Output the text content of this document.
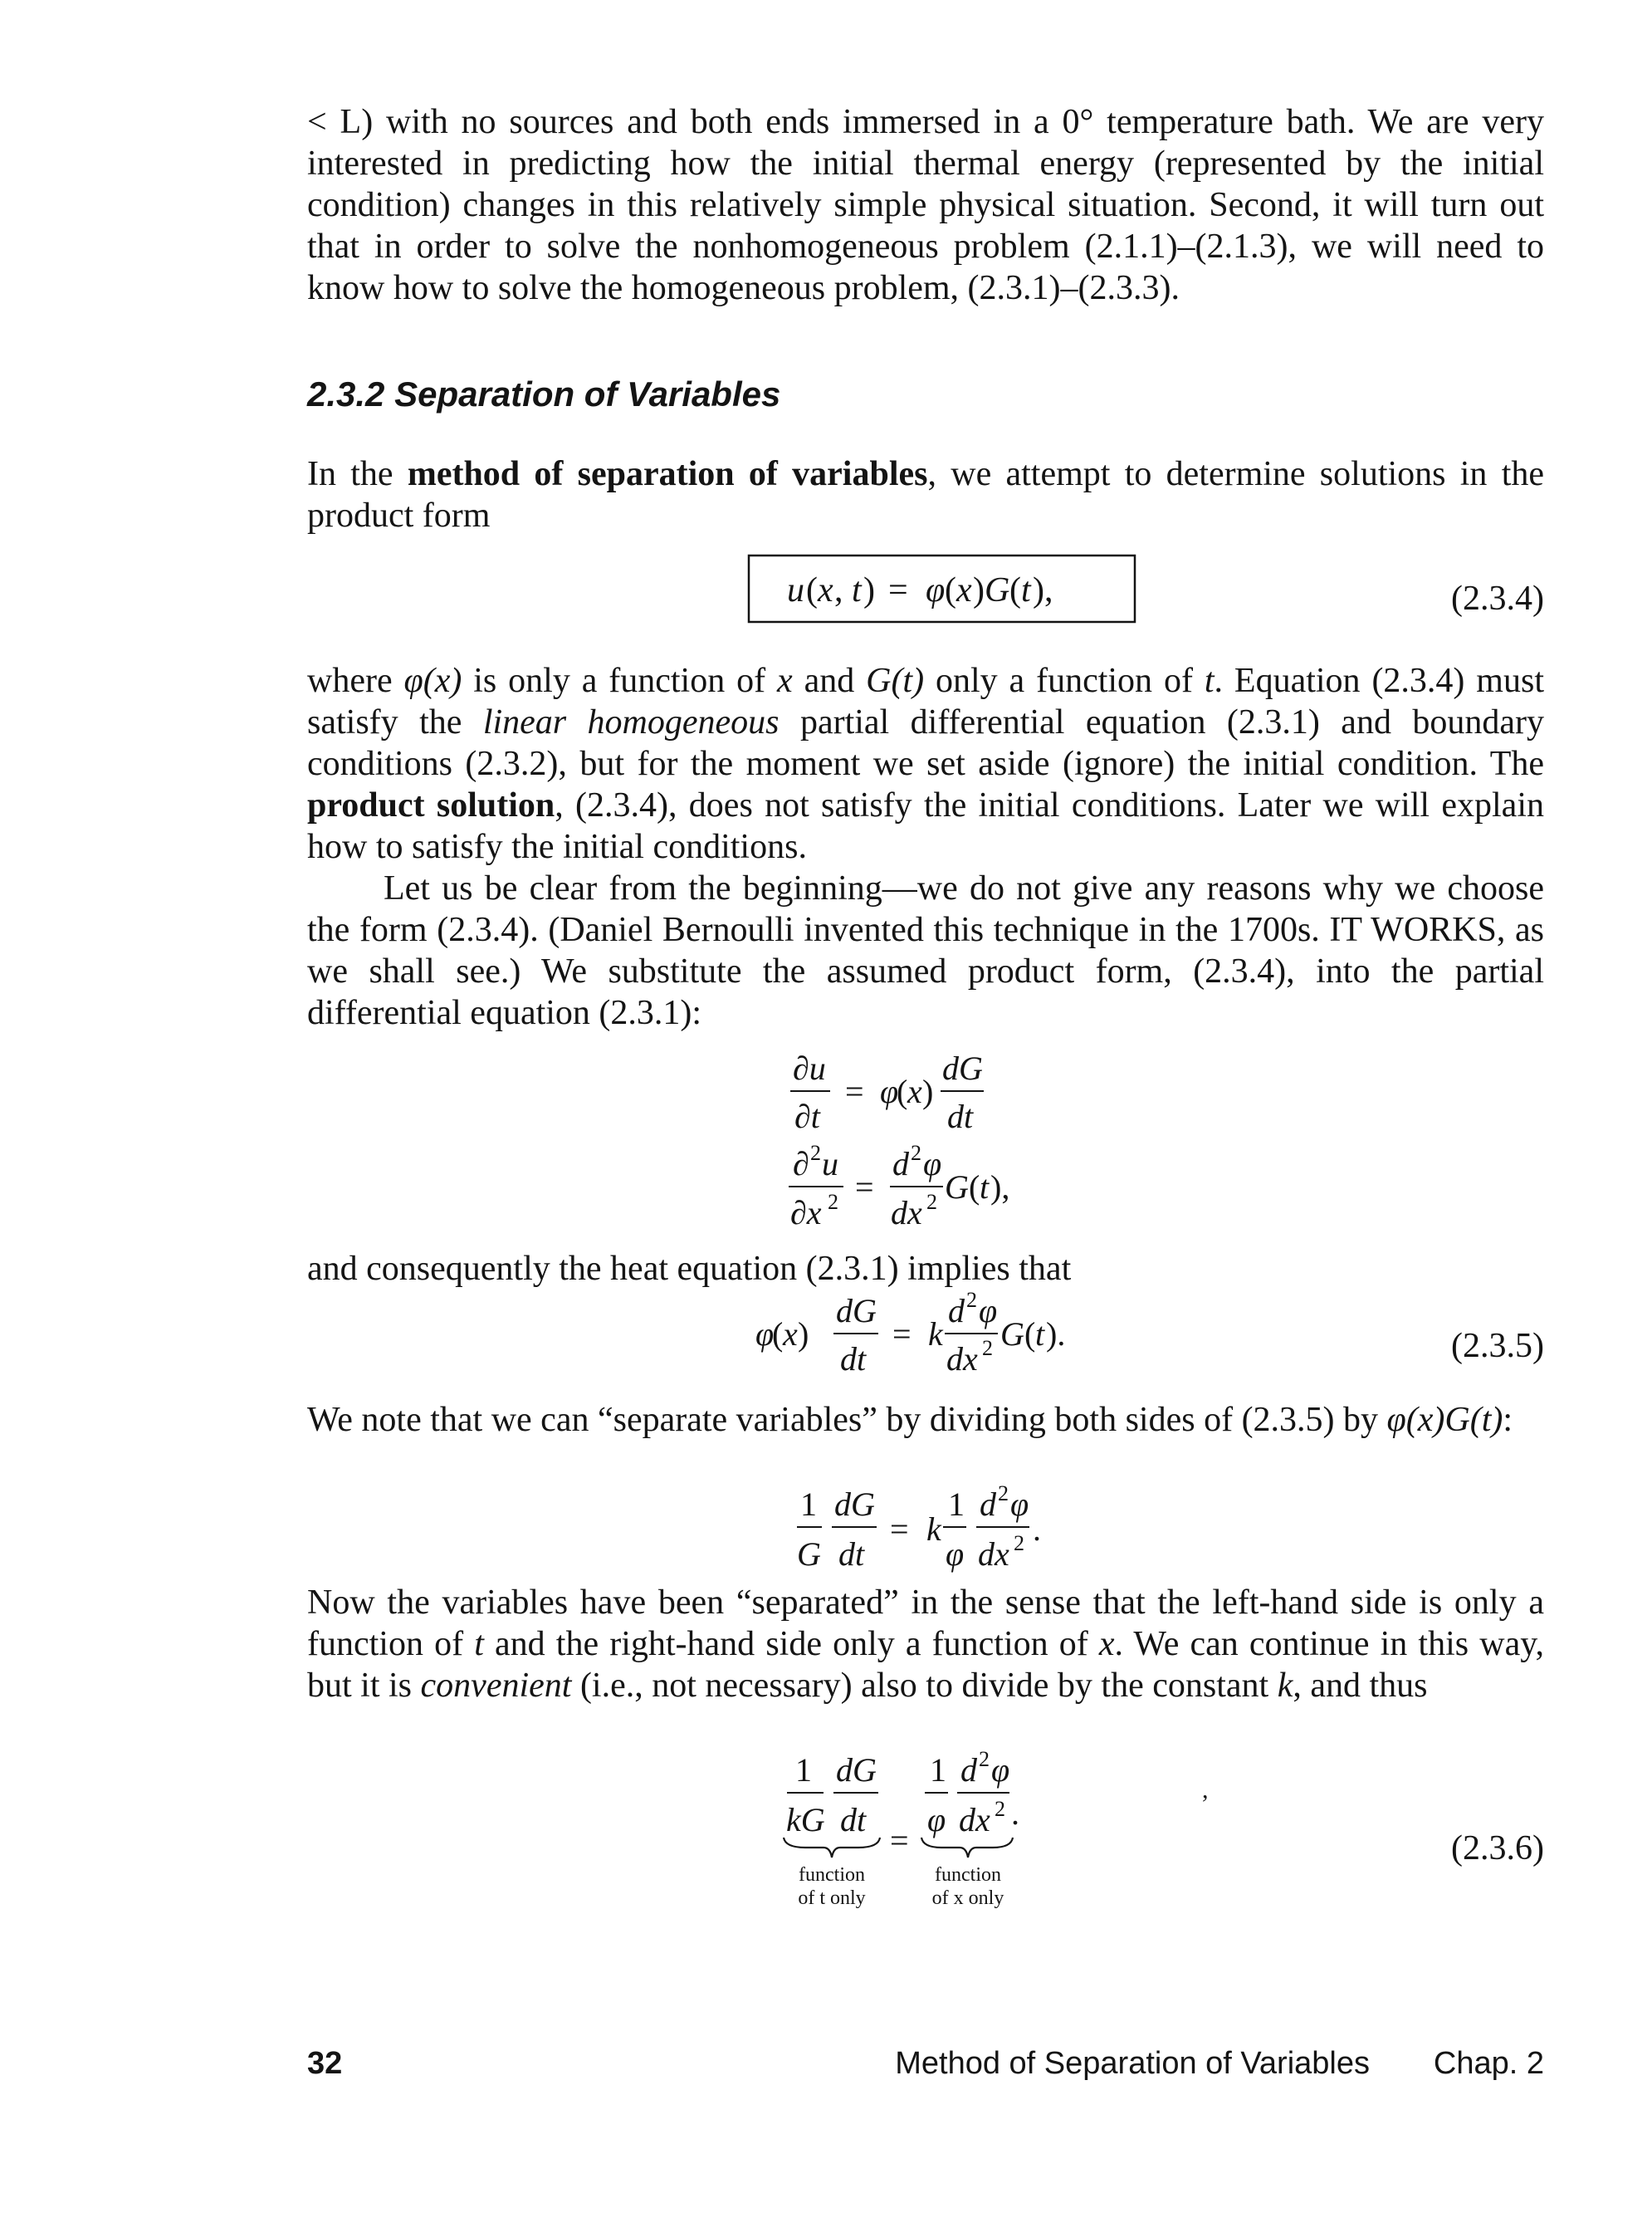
< L) with no sources and both ends immersed in a 0° temperature bath. We are very interested in predicting how the initial thermal energy (represented by the initial condition) changes in this relatively simple physical situation. Second, it will turn out that in order to solve the nonhomogeneous problem (2.1.1)–(2.1.3), we will need to know how to solve the homogeneous problem, (2.3.1)–(2.3.3).

2.3.2 Separation of Variables

In the method of separation of variables, we attempt to determine solutions in the product form

u ( x , t ) = φ ( x ) G ( t ),	(2.3.4)

where φ(x) is only a function of x and G(t) only a function of t. Equation (2.3.4) must satisfy the linear homogeneous partial differential equation (2.3.1) and boundary conditions (2.3.2), but for the moment we set aside (ignore) the initial condition. The product solution, (2.3.4), does not satisfy the initial conditions. Later we will explain how to satisfy the initial conditions.

Let us be clear from the beginning—we do not give any reasons why we choose the form (2.3.4). (Daniel Bernoulli invented this technique in the 1700s. IT WORKS, as we shall see.) We substitute the assumed product form, (2.3.4), into the partial differential equation (2.3.1):

∂u
∂t
= φ
( x )
dG
dt
∂ 2 u
∂x 2 =
d 2 φ
dx 2 G ( t ),

and consequently the heat equation (2.3.1) implies that

φ
( x )
dG
dt
= k
d 2 φ
dx 2 G ( t ).	(2.3.5)

We note that we can “separate variables” by dividing both sides of (2.3.5) by φ(x)G(t):

1
G
dG
dt
= k
1
φ
d 2 φ
dx 2 .

Now the variables have been “separated” in the sense that the left-hand side is only a function of t and the right-hand side only a function of x. We can continue in this way, but it is convenient (i.e., not necessary) also to divide by the constant k, and thus

1
kG
dG
dt
=
1
φ
d 2 φ
dx 2 .
,
function
of t only
function
of x only
(2.3.6)
32	Method of Separation of Variables Chap. 2
